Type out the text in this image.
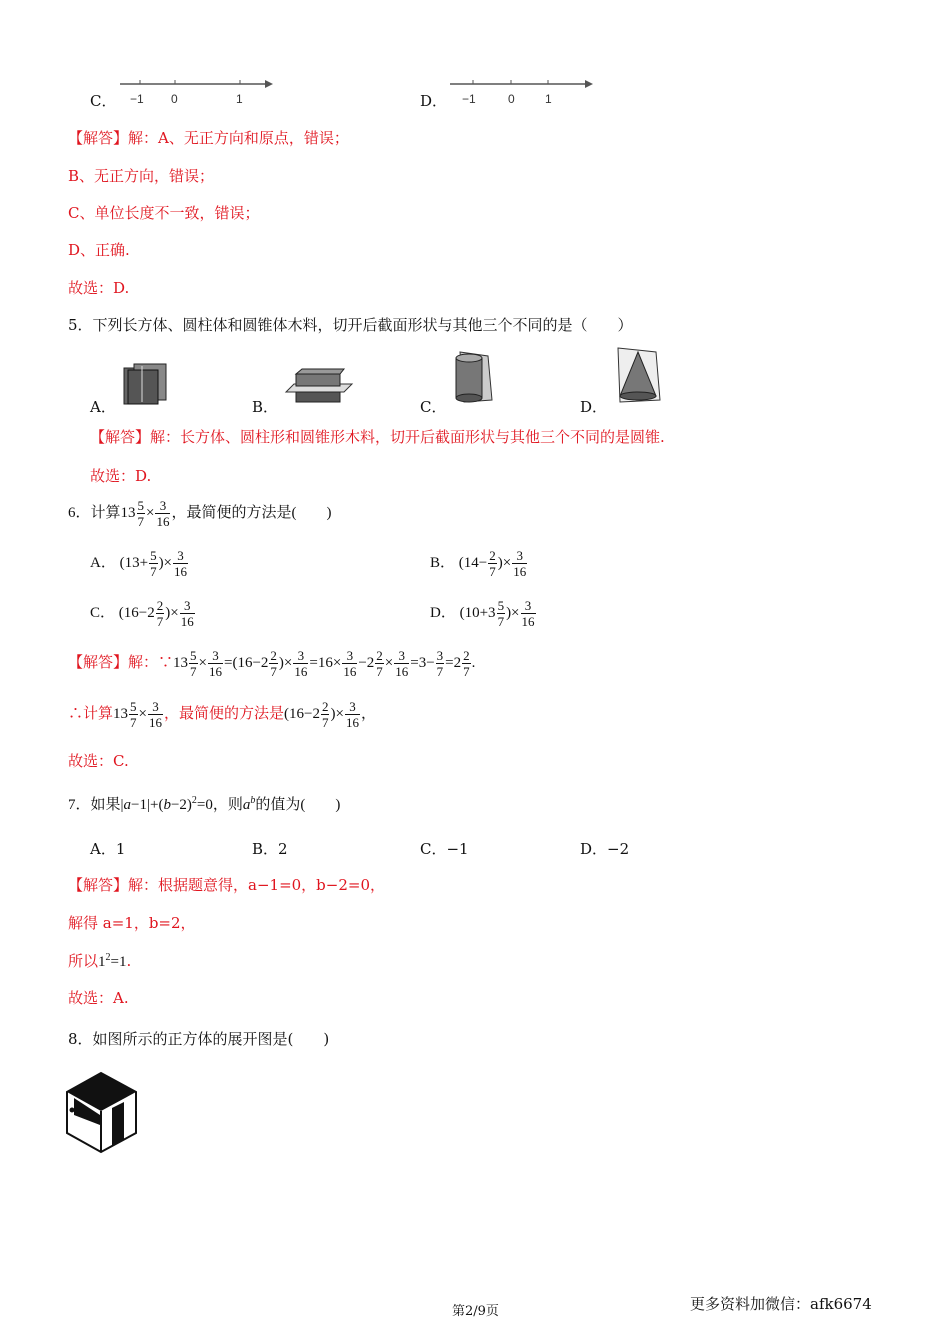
C． −1 0	1	D． −1	0	1
【解答】解：A、无正方向和原点，错误；
B、无正方向，错误；
C、单位长度不一致，错误；
D、正确.
故选：D.
5．下列长方体、圆柱体和圆锥体木料，切开后截面形状与其他三个不同的是（　　）
A．	B．	C．	D．
【解答】解：长方体、圆柱形和圆锥形木料，切开后截面形状与其他三个不同的是圆锥.
故选：D.
6．计算$13 \frac{5}{7} \times \frac{3}{16}$ ，最简便的方法是(　　)
A． ($13+ \frac{5}{7}$ )× $\frac{3}{16}$	B． ($14- \frac{2}{7}$ )× $\frac{3}{16}$
C． ($16-2 \frac{2}{7}$ )× $\frac{3}{16}$	D． ($10+3 \frac{5}{7}$ )× $\frac{3}{16}$
【解答】解：∵13 $\frac{5}{7} \times \frac{3}{16} =(16-2 \frac{2}{7}$ )× $\frac{3}{16} =16\times \frac{3}{16} -2 \frac{2}{7} \times \frac{3}{16} =3- \frac{3}{7} =2 \frac{2}{7}$ .
∴计算$13 \frac{5}{7} \times \frac{3}{16}$ ，最简便的方法是($16-2 \frac{2}{7}$ )× $\frac{3}{16}$ ，
故选：C.
7．如果$|a-1|+(b-2)^2=0$，则$a^b$的值为(　　)
A．1	B．2	C．−1	D．−2
【解答】解：根据题意得，a−1=0，b−2=0，
解得 a=1，b=2，
所以$1^2=1$.
故选：A.
8．如图所示的正方体的展开图是(　　)
第2/9页	更多资料加微信：afk6674
